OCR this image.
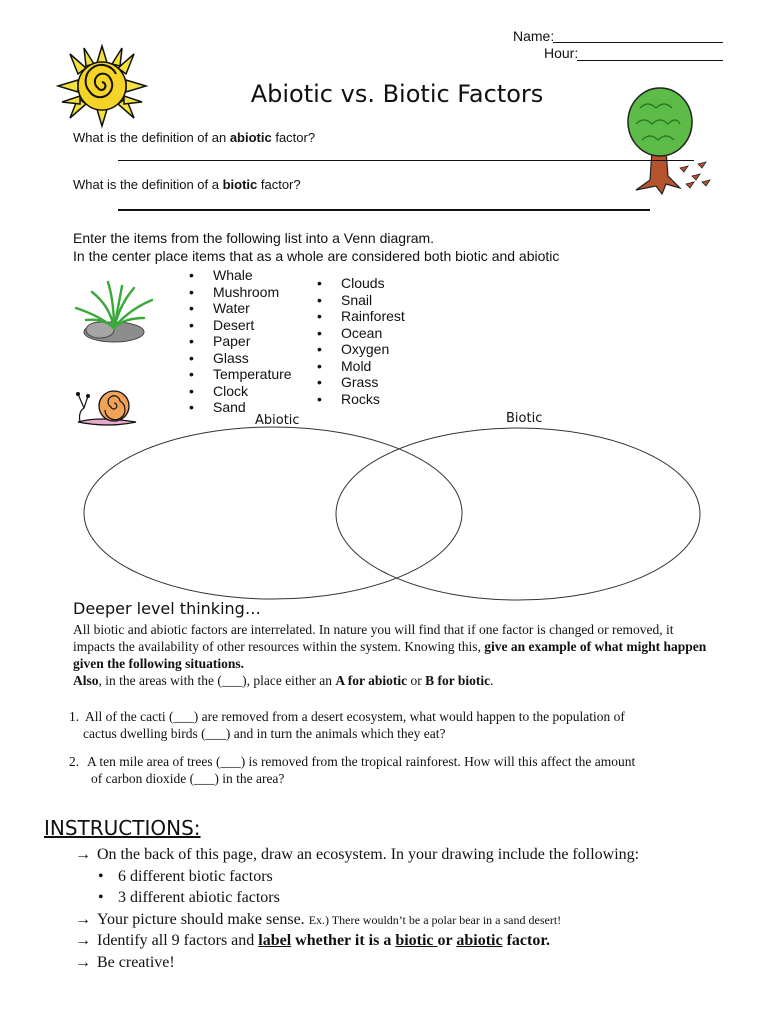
Name:
Hour:
Abiotic vs. Biotic Factors
What is the definition of an abiotic factor?
What is the definition of a biotic factor?
Enter the items from the following list into a Venn diagram.
In the center place items that as a whole are considered both biotic and abiotic
• Whale
• Mushroom
• Water
• Desert
• Paper
• Glass
• Temperature
• Clock
• Sand
• Clouds
• Snail
• Rainforest
• Ocean
• Oxygen
• Mold
• Grass
• Rocks
Abiotic	Biotic
Deeper level thinking…
All biotic and abiotic factors are interrelated. In nature you will find that if one factor is changed or removed, it impacts the availability of other resources within the system. Knowing this, give an example of what might happen given the following situations.
Also, in the areas with the (___), place either an A for abiotic or B for biotic.
1. All of the cacti (___) are removed from a desert ecosystem, what would happen to the population of
cactus dwelling birds (___) and in turn the animals which they eat?
2. A ten mile area of trees (___) is removed from the tropical rainforest. How will this affect the amount
of carbon dioxide (___) in the area?
INSTRUCTIONS:
→ On the back of this page, draw an ecosystem. In your drawing include the following:
• 6 different biotic factors
• 3 different abiotic factors
→ Your picture should make sense. Ex.) There wouldn’t be a polar bear in a sand desert!
→ Identify all 9 factors and label whether it is a biotic or abiotic factor.
→ Be creative!
